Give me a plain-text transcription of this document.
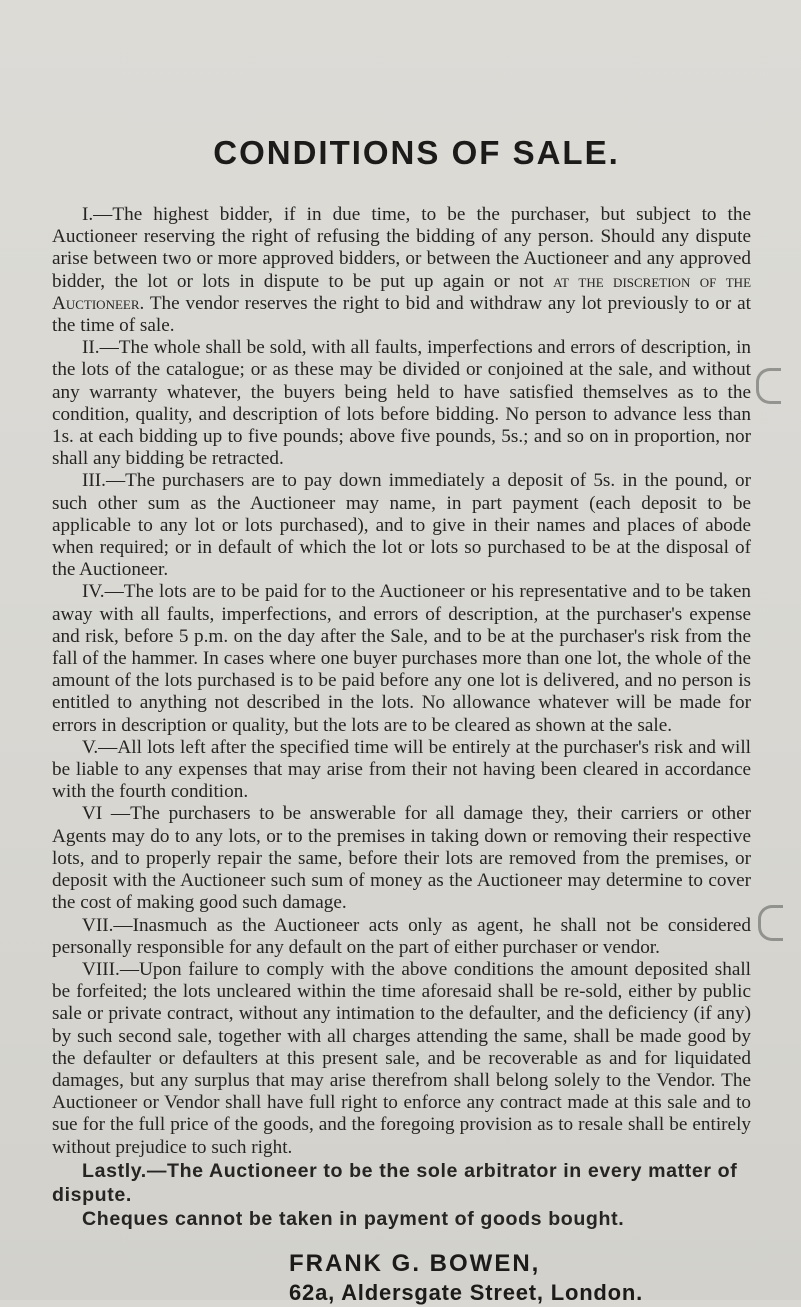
CONDITIONS OF SALE.

I.—The highest bidder, if in due time, to be the purchaser, but subject to the Auctioneer reserving the right of refusing the bidding of any person. Should any dispute arise between two or more approved bidders, or between the Auctioneer and any approved bidder, the lot or lots in dispute to be put up again or not at the discretion of the Auctioneer. The vendor reserves the right to bid and withdraw any lot previously to or at the time of sale.

II.—The whole shall be sold, with all faults, imperfections and errors of description, in the lots of the catalogue; or as these may be divided or conjoined at the sale, and without any warranty whatever, the buyers being held to have satisfied themselves as to the condition, quality, and description of lots before bidding. No person to advance less than 1s. at each bidding up to five pounds; above five pounds, 5s.; and so on in proportion, nor shall any bidding be retracted.

III.—The purchasers are to pay down immediately a deposit of 5s. in the pound, or such other sum as the Auctioneer may name, in part payment (each deposit to be applicable to any lot or lots purchased), and to give in their names and places of abode when required; or in default of which the lot or lots so purchased to be at the disposal of the Auctioneer.

IV.—The lots are to be paid for to the Auctioneer or his representative and to be taken away with all faults, imperfections, and errors of description, at the purchaser's expense and risk, before 5 p.m. on the day after the Sale, and to be at the purchaser's risk from the fall of the hammer. In cases where one buyer purchases more than one lot, the whole of the amount of the lots purchased is to be paid before any one lot is delivered, and no person is entitled to anything not described in the lots. No allowance whatever will be made for errors in description or quality, but the lots are to be cleared as shown at the sale.

V.—All lots left after the specified time will be entirely at the purchaser's risk and will be liable to any expenses that may arise from their not having been cleared in accordance with the fourth condition.

VI —The purchasers to be answerable for all damage they, their carriers or other Agents may do to any lots, or to the premises in taking down or removing their respective lots, and to properly repair the same, before their lots are removed from the premises, or deposit with the Auctioneer such sum of money as the Auctioneer may determine to cover the cost of making good such damage.

VII.—Inasmuch as the Auctioneer acts only as agent, he shall not be considered personally responsible for any default on the part of either purchaser or vendor.

VIII.—Upon failure to comply with the above conditions the amount deposited shall be forfeited; the lots uncleared within the time aforesaid shall be re-sold, either by public sale or private contract, without any intimation to the defaulter, and the deficiency (if any) by such second sale, together with all charges attending the same, shall be made good by the defaulter or defaulters at this present sale, and be recoverable as and for liquidated damages, but any surplus that may arise therefrom shall belong solely to the Vendor. The Auctioneer or Vendor shall have full right to enforce any contract made at this sale and to sue for the full price of the goods, and the foregoing provision as to resale shall be entirely without prejudice to such right.

Lastly.—The Auctioneer to be the sole arbitrator in every matter of dispute.

Cheques cannot be taken in payment of goods bought.

FRANK G. BOWEN,
62a, Aldersgate Street, London.
